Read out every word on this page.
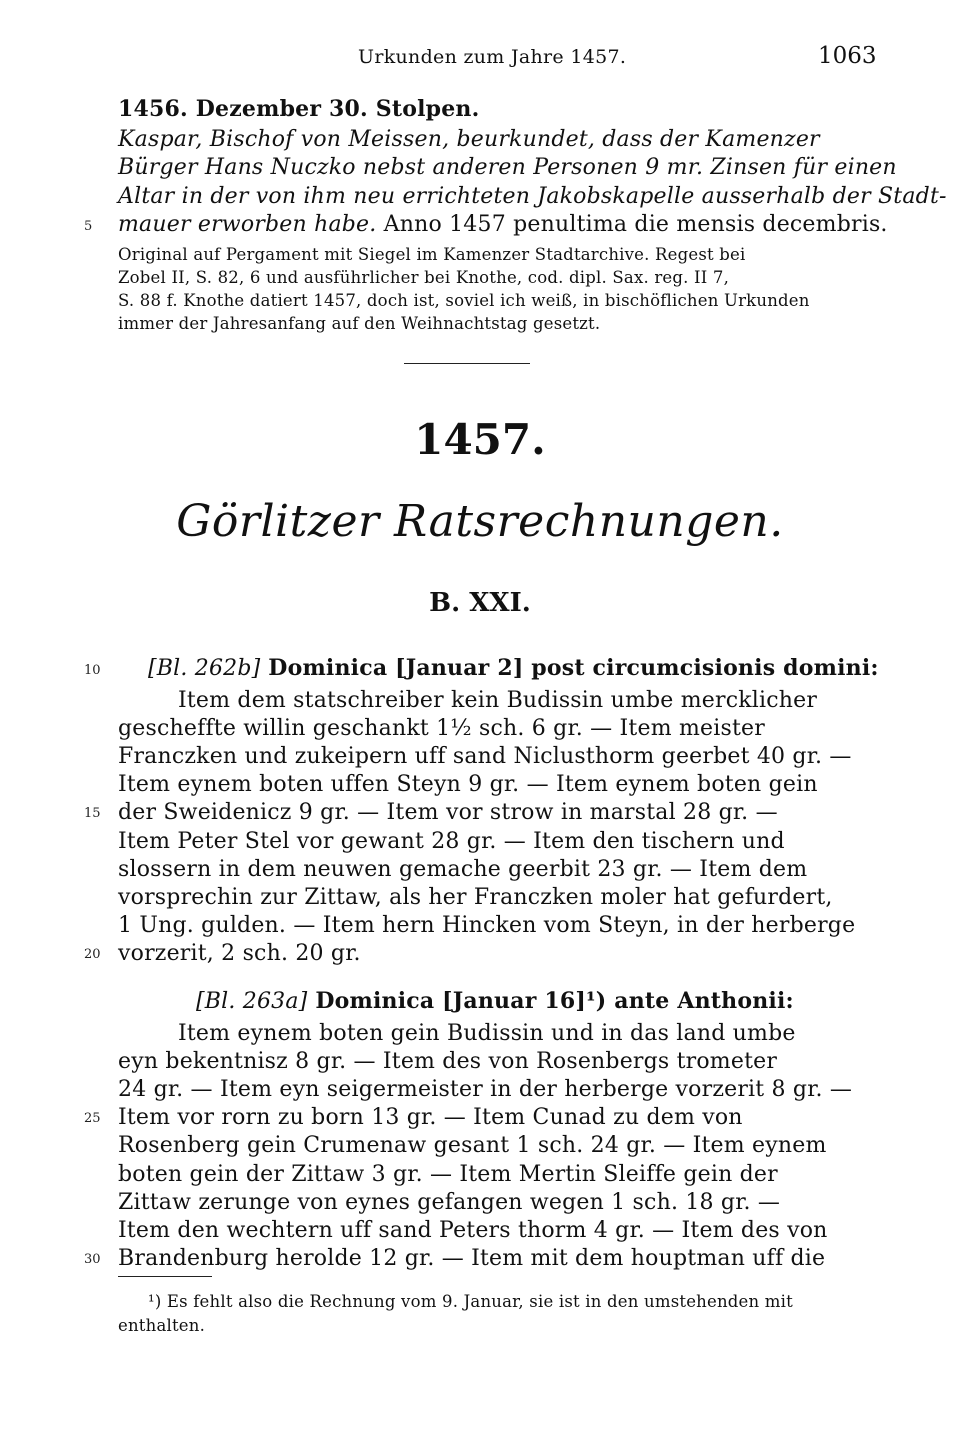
Urkunden zum Jahre 1457.	1063
1456. Dezember 30. Stolpen.
Kaspar, Bischof von Meissen, beurkundet, dass der Kamenzer
Bürger Hans Nuczko nebst anderen Personen 9 mr. Zinsen für einen
Altar in der von ihm neu errichteten Jakobskapelle ausserhalb der Stadt-
mauer erworben habe. Anno 1457 penultima die mensis decembris.
Original auf Pergament mit Siegel im Kamenzer Stadtarchive. Regest bei
Zobel II, S. 82, 6 und ausführlicher bei Knothe, cod. dipl. Sax. reg. II 7,
S. 88 f. Knothe datiert 1457, doch ist, soviel ich weiß, in bischöflichen Urkunden
immer der Jahresanfang auf den Weihnachtstag gesetzt.
1457.
Görlitzer Ratsrechnungen.
B. XXI.
[Bl. 262b] Dominica [Januar 2] post circumcisionis domini:
Item dem statschreiber kein Budissin umbe mercklicher
gescheffte willin geschankt 1½ sch. 6 gr. — Item meister
Franczken und zukeipern uff sand Niclusthorm geerbet 40 gr. —
Item eynem boten uffen Steyn 9 gr. — Item eynem boten gein
der Sweidenicz 9 gr. — Item vor strow in marstal 28 gr. —
Item Peter Stel vor gewant 28 gr. — Item den tischern und
slossern in dem neuwen gemache geerbit 23 gr. — Item dem
vorsprechin zur Zittaw, als her Franczken moler hat gefurdert,
1 Ung. gulden. — Item hern Hincken vom Steyn, in der herberge
vorzerit, 2 sch. 20 gr.
[Bl. 263a] Dominica [Januar 16]¹) ante Anthonii:
Item eynem boten gein Budissin und in das land umbe
eyn bekentnisz 8 gr. — Item des von Rosenbergs trometer
24 gr. — Item eyn seigermeister in der herberge vorzerit 8 gr. —
Item vor rorn zu born 13 gr. — Item Cunad zu dem von
Rosenberg gein Crumenaw gesant 1 sch. 24 gr. — Item eynem
boten gein der Zittaw 3 gr. — Item Mertin Sleiffe gein der
Zittaw zerunge von eynes gefangen wegen 1 sch. 18 gr. —
Item den wechtern uff sand Peters thorm 4 gr. — Item des von
Brandenburg herolde 12 gr. — Item mit dem houptman uff die
¹) Es fehlt also die Rechnung vom 9. Januar, sie ist in den umstehenden mit
enthalten.
5
10
15
20
25
30
